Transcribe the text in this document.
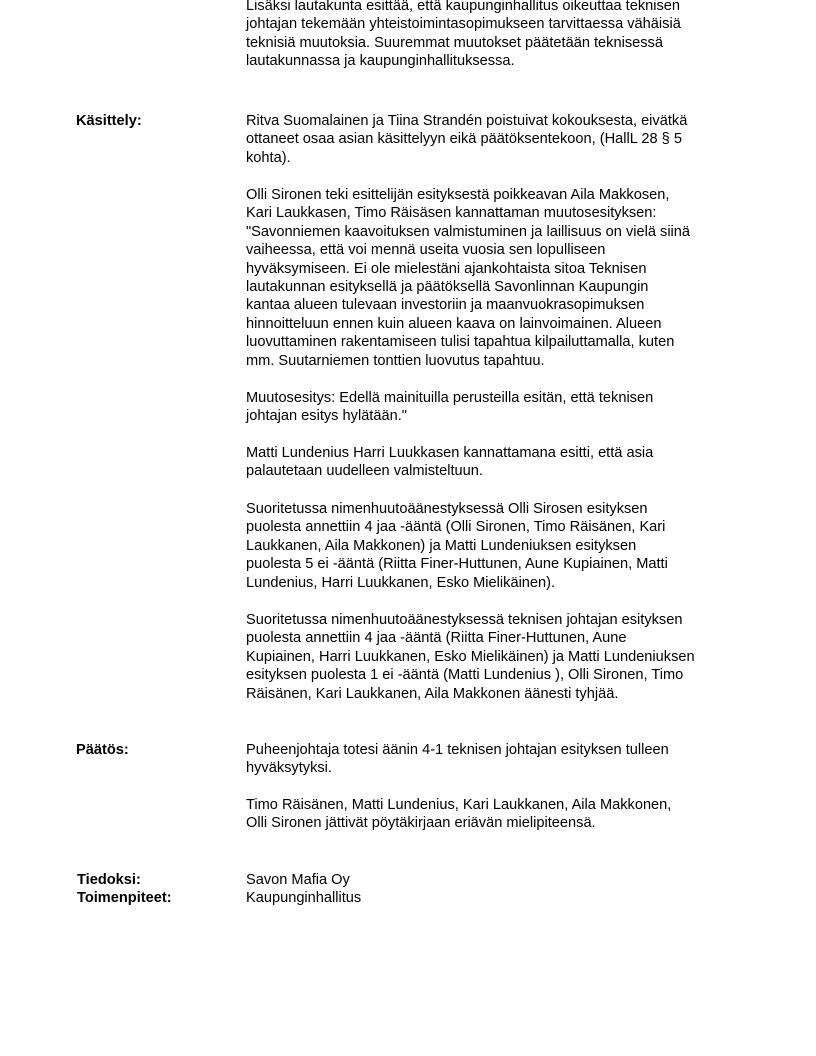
Lisäksi lautakunta esittää, että kaupunginhallitus oikeuttaa teknisen

johtajan tekemään yhteistoimintasopimukseen tarvittaessa vähäisiä

teknisiä muutoksia. Suuremmat muutokset päätetään teknisessä

lautakunnassa ja kaupunginhallituksessa.

Käsittely:	Ritva Suomalainen ja Tiina Strandén poistuivat kokouksesta, eivätkä

ottaneet osaa asian käsittelyyn eikä päätöksentekoon, (HallL 28 § 5

kohta).

Olli Sironen teki esittelijän esityksestä poikkeavan Aila Makkosen,

Kari Laukkasen, Timo Räisäsen kannattaman muutosesityksen:

"Savonniemen kaavoituksen valmistuminen ja laillisuus on vielä siinä

vaiheessa, että voi mennä useita vuosia sen lopulliseen

hyväksymiseen. Ei ole mielestäni ajankohtaista sitoa Teknisen

lautakunnan esityksellä ja päätöksellä Savonlinnan Kaupungin

kantaa alueen tulevaan investoriin ja maanvuokrasopimuksen

hinnoitteluun ennen kuin alueen kaava on lainvoimainen. Alueen

luovuttaminen rakentamiseen tulisi tapahtua kilpailuttamalla, kuten

mm. Suutarniemen tonttien luovutus tapahtuu.

Muutosesitys: Edellä mainituilla perusteilla esitän, että teknisen

johtajan esitys hylätään."

Matti Lundenius Harri Luukkasen kannattamana esitti, että asia

palautetaan uudelleen valmisteltuun.

Suoritetussa nimenhuutoäänestyksessä Olli Sirosen esityksen

puolesta annettiin 4 jaa -ääntä (Olli Sironen, Timo Räisänen, Kari

Laukkanen, Aila Makkonen) ja Matti Lundeniuksen esityksen

puolesta 5 ei -ääntä (Riitta Finer-Huttunen, Aune Kupiainen, Matti

Lundenius, Harri Luukkanen, Esko Mielikäinen).

Suoritetussa nimenhuutoäänestyksessä teknisen johtajan esityksen

puolesta annettiin 4 jaa -ääntä (Riitta Finer-Huttunen, Aune

Kupiainen, Harri Luukkanen, Esko Mielikäinen) ja Matti Lundeniuksen

esityksen puolesta 1 ei -ääntä (Matti Lundenius ), Olli Sironen, Timo

Räisänen, Kari Laukkanen, Aila Makkonen äänesti tyhjää.

Päätös:	Puheenjohtaja totesi äänin 4-1 teknisen johtajan esityksen tulleen

hyväksytyksi.

Timo Räisänen, Matti Lundenius, Kari Laukkanen, Aila Makkonen,

Olli Sironen jättivät pöytäkirjaan eriävän mielipiteensä.

Tiedoksi:	Savon Mafia Oy
Toimenpiteet:	Kaupunginhallitus
